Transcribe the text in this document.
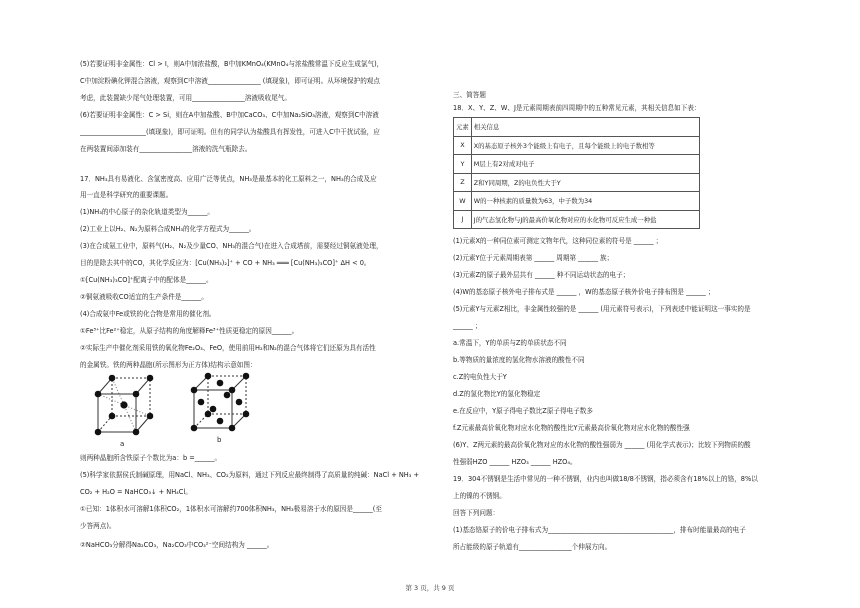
(5)若要证明非金属性：Cl > I，则A中加浓盐酸，B中加KMnO₄(KMnO₄与浓盐酸常温下反应生成氯气)，
C中加淀粉碘化钾混合溶液，观察到C中溶液________________ (填现象)，即可证明。从环境保护的观点
考虑，此装置缺少尾气处理装置，可用________________溶液吸收尾气。
(6)若要证明非金属性：C > Si，则在A中加盐酸、B中加CaCO₃、C中加Na₂SiO₃溶液，观察到C中溶液
____________________(填现象)，即可证明。但有的同学认为盐酸具有挥发性，可进入C中干扰试验，应
在两装置间添加装有________________溶液的洗气瓶除去。
17．NH₃具有易液化、含氢密度高、应用广泛等优点，NH₃是最基本的化工原料之一，NH₃的合成及应
用一直是科学研究的重要课题。
(1)NH₃的中心原子的杂化轨道类型为______。
(2)工业上以H₂、N₂为原料合成NH₃的化学方程式为______。
(3)在合成氨工业中，原料气(H₂、N₂及少量CO、NH₃的混合气)在进入合成塔前，需要经过铜氨液处理，
目的是除去其中的CO，其化学反应为：[Cu(NH₃)₂]⁺ + CO + NH₃ ═══ [Cu(NH₃)₃CO]⁺ ΔH < 0。
①[Cu(NH₃)₃CO]⁺配离子中的配体是______。
②铜氨液吸收CO适宜的生产条件是______。
(4)合成氨中Fe或铁的化合物是常用的催化剂。
①Fe³⁺比Fe²⁺稳定，从原子结构的角度解释Fe³⁺性质更稳定的原因______。
②实际生产中催化剂采用铁的氧化物Fe₂O₃、FeO，使用前用H₂和N₂的混合气体将它们还原为具有活性
的金属铁。铁的两种晶胞(所示图形为正方体)结构示意如图：
a	b
则两种晶胞所含铁原子个数比为a：b =______。
(5)科学家依据侯氏制碱原理，用NaCl、NH₃、CO₂为原料，通过下列反应最终制得了高质量的纯碱：NaCl + NH₃ +
CO₂ + H₂O = NaHCO₃↓ + NH₄Cl。
①已知：1体积水可溶解1体积CO₂，1体积水可溶解约700体积NH₃，NH₃极易溶于水的原因是______(至
少答两点)。
②NaHCO₃分解得Na₂CO₃，Na₂CO₃中CO₃²⁻空间结构为 ______。
三、简答题
18．X、Y、Z、W、J是元素周期表前四周期中的五种常见元素，其相关信息如下表：
元素	相关信息
X	X的基态原子核外3个能级上有电子，且每个能级上的电子数相等
Y	M层上有2对成对电子
Z	Z和Y同周期，Z的电负性大于Y
W	W的一种核素的质量数为63，中子数为34
J	J的气态氢化物与J的最高价氧化物对应的水化物可反应生成一种盐
(1)元素X的一种同位素可测定文物年代，这种同位素的符号是 ______ ；
(2)元素Y位于元素周期表第 ______ 周期第 ______ 族；
(3)元素Z的原子最外层共有 ______ 种不同运动状态的电子；
(4)W的基态原子核外电子排布式是 ______ ，W的基态原子核外价电子排布图是 ______ ；
(5)元素Y与元素Z相比，非金属性较强的是 ______ (用元素符号表示)，下列表述中能证明这一事实的是
______ ；
a.常温下，Y的单质与Z的单质状态不同
b.等物质的量浓度的氢化物水溶液的酸性不同
c.Z的电负性大于Y
d.Z的氢化物比Y的氢化物稳定
e.在反应中，Y原子得电子数比Z原子得电子数多
f.Z元素最高价氧化物对应水化物的酸性比Y元素最高价氧化物对应水化物的酸性强
(6)Y、Z两元素的最高价氧化物对应的水化物的酸性强弱为 ______ (用化学式表示)；比较下列物质的酸
性强弱HZO ______ HZO₃ ______ HZO₄。
19．304不锈钢是生活中常见的一种不锈钢，业内也叫做18/8不锈钢，指必须含有18%以上的铬，8%以
上的镍的不锈钢。
回答下列问题：
(1)基态铬原子的价电子排布式为______________________________________，排布时能量最高的电子
所占能级的原子轨道有________________个伸展方向。
第 3 页，共 9 页
